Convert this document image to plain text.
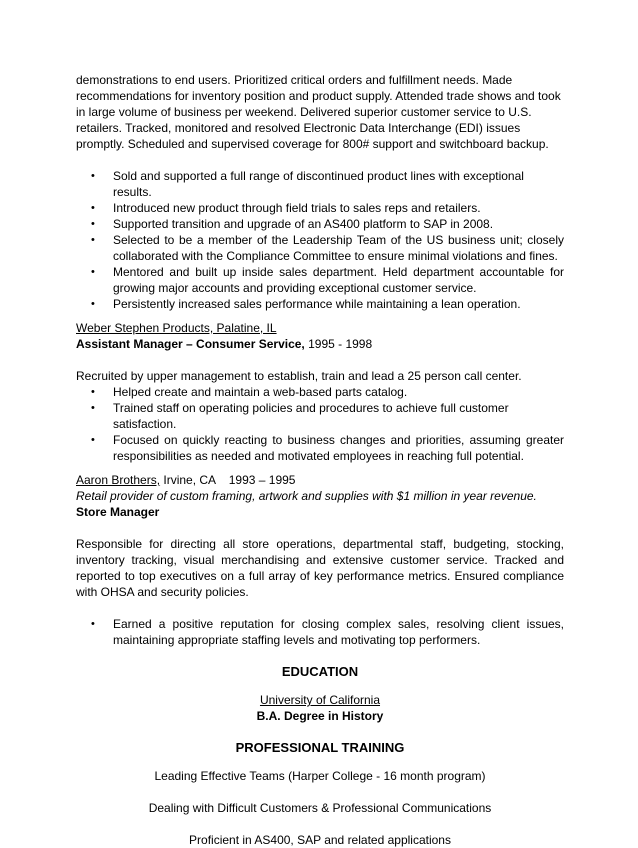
demonstrations to end users. Prioritized critical orders and fulfillment needs. Made recommendations for inventory position and product supply. Attended trade shows and took in large volume of business per weekend. Delivered superior customer service to U.S. retailers. Tracked, monitored and resolved Electronic Data Interchange (EDI) issues promptly. Scheduled and supervised coverage for 800# support and switchboard backup.

• Sold and supported a full range of discontinued product lines with exceptional results.
• Introduced new product through field trials to sales reps and retailers.
• Supported transition and upgrade of an AS400 platform to SAP in 2008.
• Selected to be a member of the Leadership Team of the US business unit; closely collaborated with the Compliance Committee to ensure minimal violations and fines.
• Mentored and built up inside sales department. Held department accountable for growing major accounts and providing exceptional customer service.
• Persistently increased sales performance while maintaining a lean operation.

Weber Stephen Products, Palatine, IL

Assistant Manager – Consumer Service, 1995 - 1998

Recruited by upper management to establish, train and lead a 25 person call center.

• Helped create and maintain a web-based parts catalog.
• Trained staff on operating policies and procedures to achieve full customer satisfaction.
• Focused on quickly reacting to business changes and priorities, assuming greater responsibilities as needed and motivated employees in reaching full potential.

Aaron Brothers, Irvine, CA    1993 – 1995

Retail provider of custom framing, artwork and supplies with $1 million in year revenue.

Store Manager

Responsible for directing all store operations, departmental staff, budgeting, stocking, inventory tracking, visual merchandising and extensive customer service. Tracked and reported to top executives on a full array of key performance metrics. Ensured compliance with OHSA and security policies.

• Earned a positive reputation for closing complex sales, resolving client issues, maintaining appropriate staffing levels and motivating top performers.

EDUCATION

University of California

B.A. Degree in History

PROFESSIONAL TRAINING

Leading Effective Teams (Harper College - 16 month program)

Dealing with Difficult Customers & Professional Communications

Proficient in AS400, SAP and related applications
